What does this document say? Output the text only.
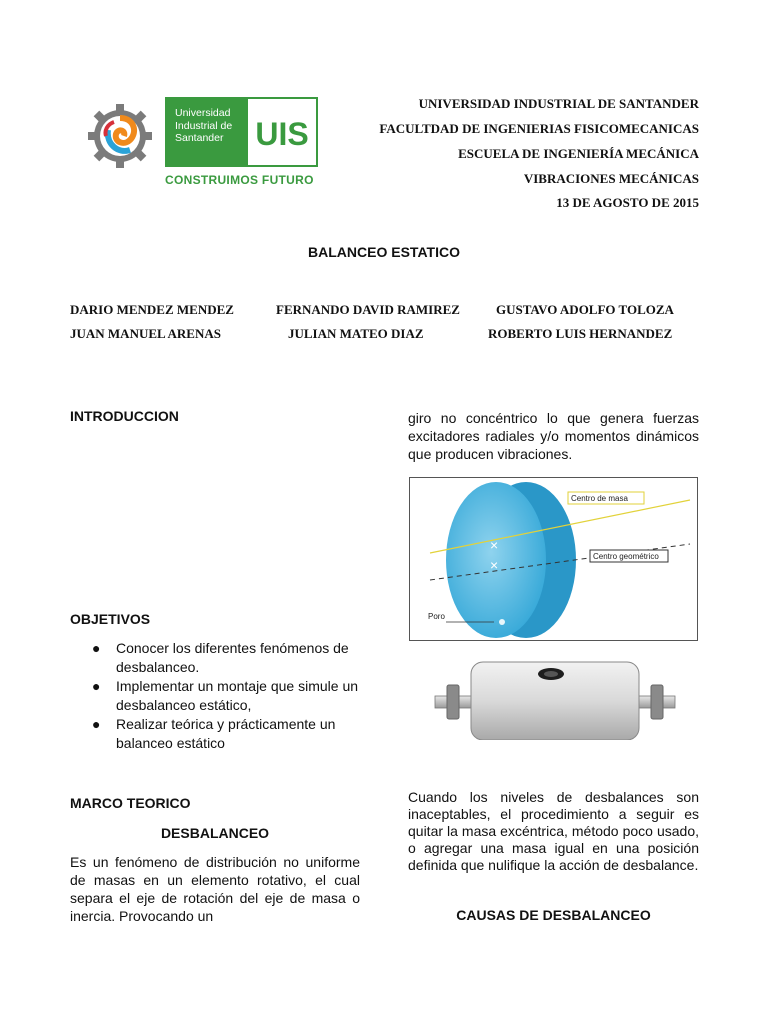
Universidad
Industrial de
Santander UIS
CONSTRUIMOS FUTURO
UNIVERSIDAD INDUSTRIAL DE SANTANDER
FACULTDAD DE INGENIERIAS FISICOMECANICAS
ESCUELA DE INGENIERÍA MECÁNICA
VIBRACIONES MECÁNICAS
13 DE AGOSTO DE 2015
BALANCEO ESTATICO
DARIO MENDEZ MENDEZ	FERNANDO DAVID RAMIREZ	GUSTAVO ADOLFO TOLOZA
JUAN MANUEL ARENAS	JULIAN MATEO DIAZ	ROBERTO LUIS HERNANDEZ
INTRODUCCION
OBJETIVOS
● Conocer los diferentes fenómenos de desbalanceo.
● Implementar un montaje que simule un desbalanceo estático,
● Realizar teórica y prácticamente un balanceo estático
MARCO TEORICO
DESBALANCEO
Es un fenómeno de distribución no uniforme de masas en un elemento rotativo, el cual separa el eje de rotación del eje de masa o inercia. Provocando un
giro no concéntrico lo que genera fuerzas excitadores radiales y/o momentos dinámicos que producen vibraciones.
×
×
Centro de masa
Centro geométrico
Poro
Cuando los niveles de desbalances son inaceptables, el procedimiento a seguir es quitar la masa excéntrica, método poco usado, o agregar una masa igual en una posición definida que nulifique la acción de desbalance.
CAUSAS DE DESBALANCEO
